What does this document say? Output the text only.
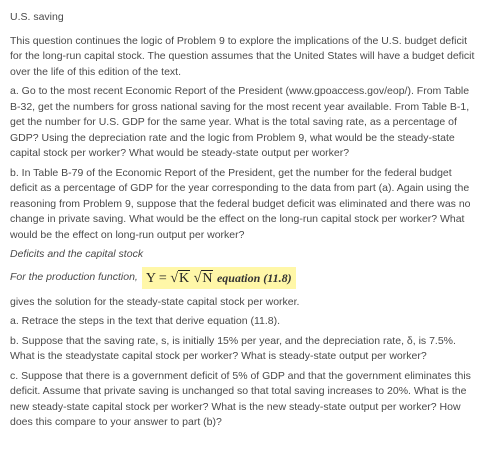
U.S. saving

This question continues the logic of Problem 9 to explore the implications of the U.S. budget deficit for the long-run capital stock. The question assumes that the United States will have a budget deficit over the life of this edition of the text.

a. Go to the most recent Economic Report of the President (www.gpoaccess.gov/eop/). From Table B-32, get the numbers for gross national saving for the most recent year available. From Table B-1, get the number for U.S. GDP for the same year. What is the total saving rate, as a percentage of GDP? Using the depreciation rate and the logic from Problem 9, what would be the steady-state capital stock per worker? What would be steady-state output per worker?

b. In Table B-79 of the Economic Report of the President, get the number for the federal budget deficit as a percentage of GDP for the year corresponding to the data from part (a). Again using the reasoning from Problem 9, suppose that the federal budget deficit was eliminated and there was no change in private saving. What would be the effect on the long-run capital stock per worker? What would be the effect on long-run output per worker?

Deficits and the capital stock

For the production function, Y = √K √N equation (11.8)

gives the solution for the steady-state capital stock per worker.

a. Retrace the steps in the text that derive equation (11.8).

b. Suppose that the saving rate, s, is initially 15% per year, and the depreciation rate, δ, is 7.5%. What is the steadystate capital stock per worker? What is steady-state output per worker?

c. Suppose that there is a government deficit of 5% of GDP and that the government eliminates this deficit. Assume that private saving is unchanged so that total saving increases to 20%. What is the new steady-state capital stock per worker? What is the new steady-state output per worker? How does this compare to your answer to part (b)?
